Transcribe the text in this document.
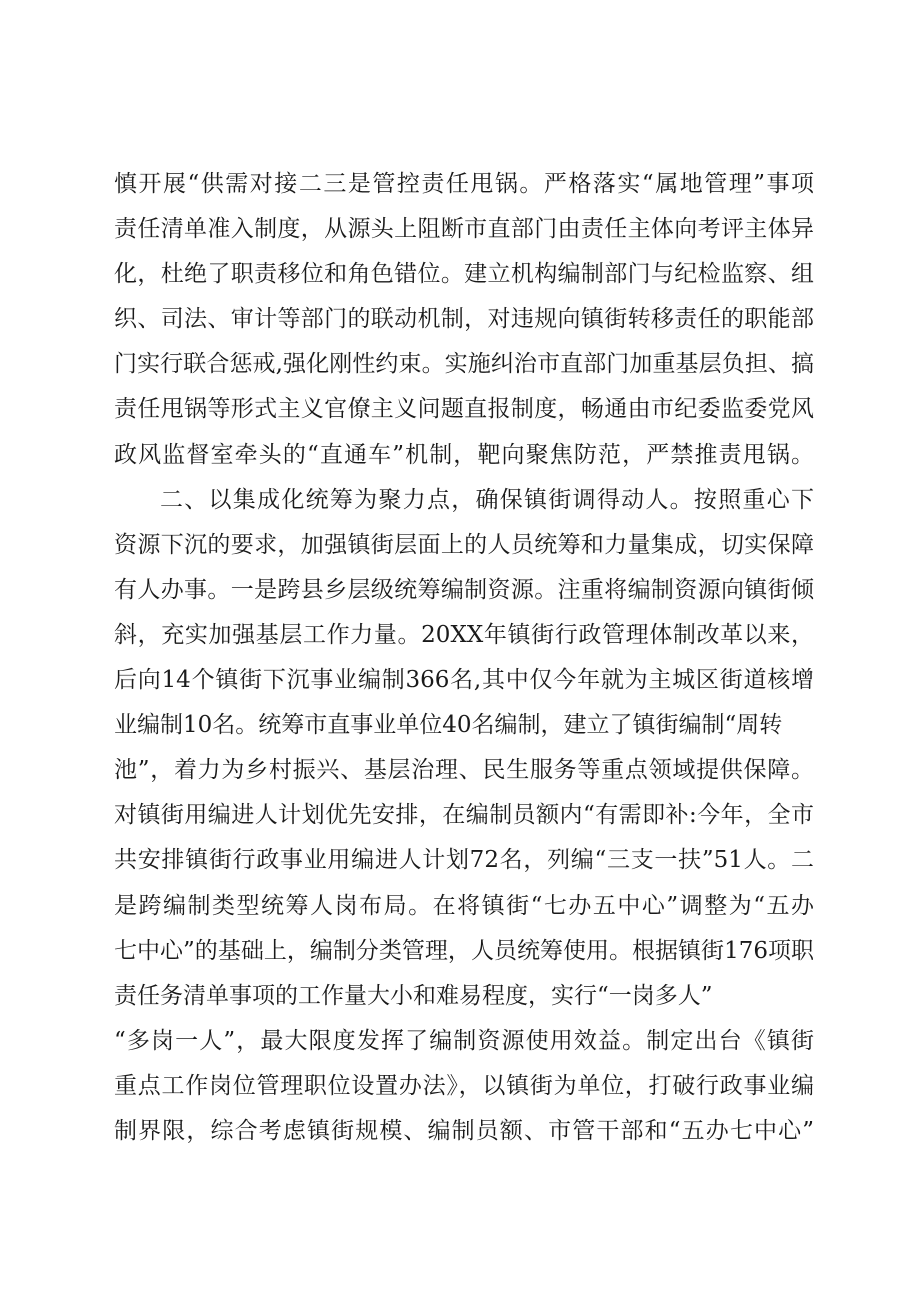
慎开展“供需对接二三是管控责任甩锅。严格落实“属地管理”事项
责任清单准入制度，从源头上阻断市直部门由责任主体向考评主体异
化，杜绝了职责移位和角色错位。建立机构编制部门与纪检监察、组
织、司法、审计等部门的联动机制，对违规向镇街转移责任的职能部
门实行联合惩戒,强化刚性约束。实施纠治市直部门加重基层负担、搞
责任甩锅等形式主义官僚主义问题直报制度，畅通由市纪委监委党风
政风监督室牵头的“直通车”机制，靶向聚焦防范，严禁推责甩锅。
二、以集成化统筹为聚力点，确保镇街调得动人。按照重心下
资源下沉的要求，加强镇街层面上的人员统筹和力量集成，切实保障
有人办事。一是跨县乡层级统筹编制资源。注重将编制资源向镇街倾
斜，充实加强基层工作力量。20XX年镇街行政管理体制改革以来，
后向14个镇街下沉事业编制366名,其中仅今年就为主城区街道核增
业编制10名。统筹市直事业单位40名编制，建立了镇街编制“周转
池”，着力为乡村振兴、基层治理、民生服务等重点领域提供保障。
对镇街用编进人计划优先安排，在编制员额内“有需即补:今年，全市
共安排镇街行政事业用编进人计划72名，列编“三支一扶”51人。二
是跨编制类型统筹人岗布局。在将镇街“七办五中心”调整为“五办
七中心”的基础上，编制分类管理，人员统筹使用。根据镇街176项职
责任务清单事项的工作量大小和难易程度，实行“一岗多人”
“多岗一人”，最大限度发挥了编制资源使用效益。制定出台《镇街
重点工作岗位管理职位设置办法》，以镇街为单位，打破行政事业编
制界限，综合考虑镇街规模、编制员额、市管干部和“五办七中心”
